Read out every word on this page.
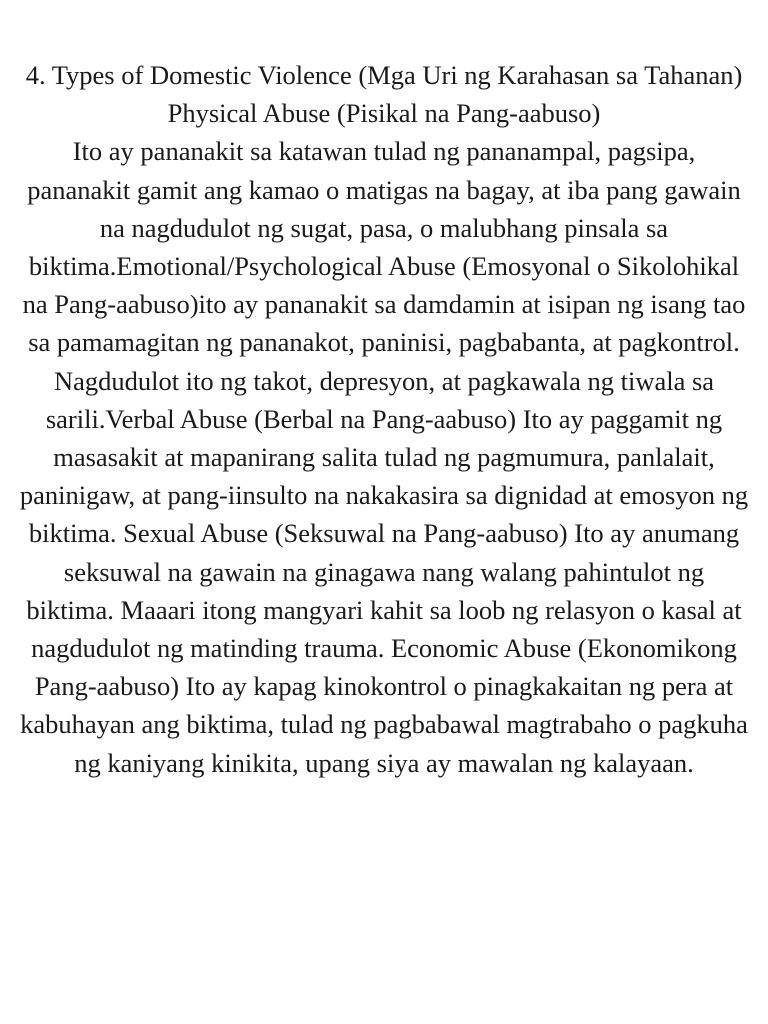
4. Types of Domestic Violence (Mga Uri ng Karahasan sa Tahanan)
Physical Abuse (Pisikal na Pang-aabuso)

Ito ay pananakit sa katawan tulad ng pananampal, pagsipa, pananakit gamit ang kamao o matigas na bagay, at iba pang gawain na nagdudulot ng sugat, pasa, o malubhang pinsala sa biktima.Emotional/Psychological Abuse (Emosyonal o Sikolohikal na Pang-aabuso)ito ay pananakit sa damdamin at isipan ng isang tao sa pamamagitan ng pananakot, paninisi, pagbabanta, at pagkontrol. Nagdudulot ito ng takot, depresyon, at pagkawala ng tiwala sa sarili.Verbal Abuse (Berbal na Pang-aabuso) Ito ay paggamit ng masasakit at mapanirang salita tulad ng pagmumura, panlalait, paninigaw, at pang-iinsulto na nakakasira sa dignidad at emosyon ng biktima. Sexual Abuse (Seksuwal na Pang-aabuso) Ito ay anumang seksuwal na gawain na ginagawa nang walang pahintulot ng biktima. Maaari itong mangyari kahit sa loob ng relasyon o kasal at nagdudulot ng matinding trauma. Economic Abuse (Ekonomikong Pang-aabuso) Ito ay kapag kinokontrol o pinagkakaitan ng pera at kabuhayan ang biktima, tulad ng pagbabawal magtrabaho o pagkuha ng kaniyang kinikita, upang siya ay mawalan ng kalayaan.
